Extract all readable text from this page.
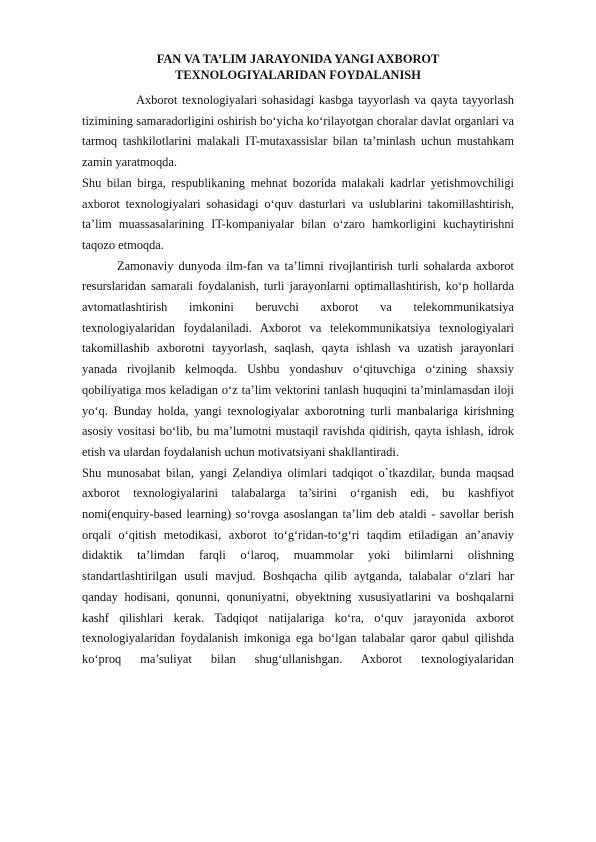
FAN VA TA’LIM JARAYONIDA YANGI AXBOROT
TEXNOLOGIYALARIDAN FOYDALANISH

Axborot texnologiyalari sohasidagi kasbga tayyorlash va qayta tayyorlash tizimining samaradorligini oshirish bo‘yicha ko‘rilayotgan choralar davlat organlari va tarmoq tashkilotlarini malakali IT-mutaxassislar bilan ta’minlash uchun mustahkam zamin yaratmoqda.

Shu bilan birga, respublikaning mehnat bozorida malakali kadrlar yetishmovchiligi axborot texnologiyalari sohasidagi o‘quv dasturlari va uslublarini takomillashtirish, ta’lim muassasalarining IT-kompaniyalar bilan o‘zaro hamkorligini kuchaytirishni taqozo etmoqda.

Zamonaviy dunyoda ilm-fan va ta’limni rivojlantirish turli sohalarda axborot resurslaridan samarali foydalanish, turli jarayonlarni optimallashtirish, ko‘p hollarda avtomatlashtirish imkonini beruvchi axborot va telekommunikatsiya texnologiyalaridan foydalaniladi. Axborot va telekommunikatsiya texnologiyalari takomillashib axborotni tayyorlash, saqlash, qayta ishlash va uzatish jarayonlari yanada rivojlanib kelmoqda. Ushbu yondashuv o‘qituvchiga o‘zining shaxsiy qobiliyatiga mos keladigan o‘z ta’lim vektorini tanlash huquqini ta’minlamasdan iloji yo‘q. Bunday holda, yangi texnologiyalar axborotning turli manbalariga kirishning asosiy vositasi bo‘lib, bu ma’lumotni mustaqil ravishda qidirish, qayta ishlash, idrok etish va ulardan foydalanish uchun motivatsiyani shakllantiradi.

Shu munosabat bilan, yangi Zelandiya olimlari tadqiqot o`tkazdilar, bunda maqsad axborot texnologiyalarini talabalarga ta’sirini o‘rganish edi, bu kashfiyot nomi(enquiry-based learning) so‘rovga asoslangan ta’lim deb ataldi - savollar berish orqali o‘qitish metodikasi, axborot to‘g‘ridan-to‘g‘ri taqdim etiladigan an’anaviy didaktik ta’limdan farqli o‘laroq, muammolar yoki bilimlarni olishning standartlashtirilgan usuli mavjud. Boshqacha qilib aytganda, talabalar o‘zlari har qanday hodisani, qonunni, qonuniyatni, obyektning xususiyatlarini va boshqalarni kashf qilishlari kerak. Tadqiqot natijalariga ko‘ra, o‘quv jarayonida axborot texnologiyalaridan foydalanish imkoniga ega bo‘lgan talabalar qaror qabul qilishda ko‘proq ma’suliyat bilan shug‘ullanishgan. Axborot texnologiyalaridan
